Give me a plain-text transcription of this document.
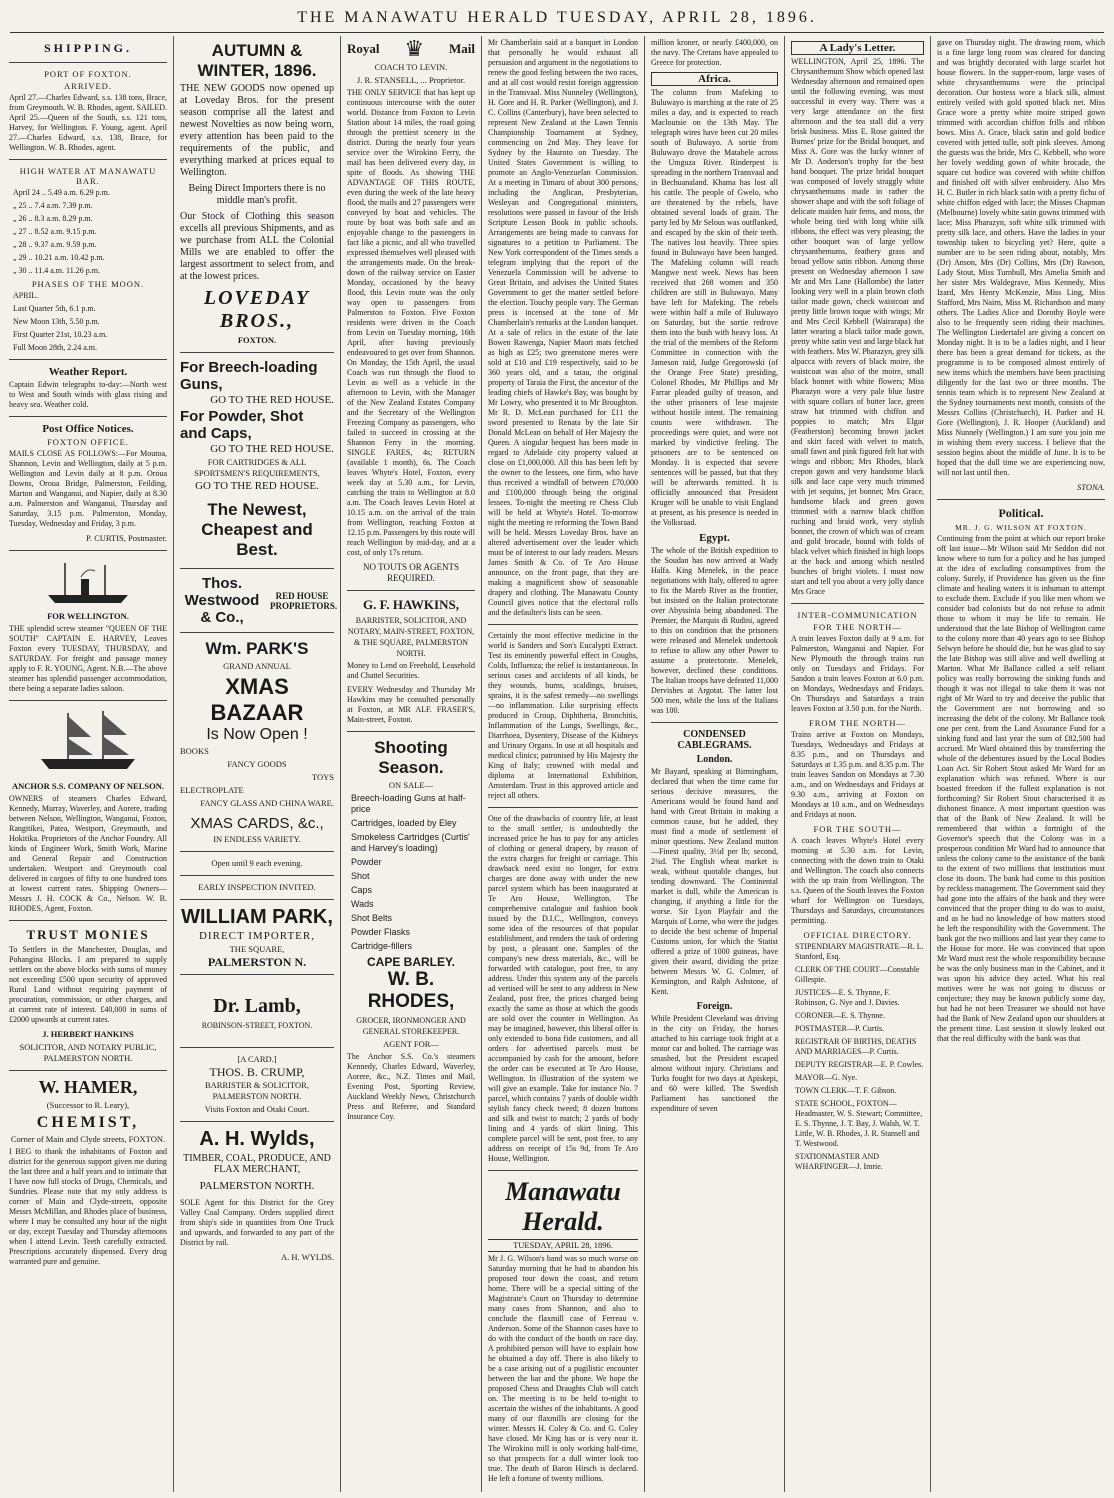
THE MANAWATU HERALD TUESDAY, APRIL 28, 1896.
SHIPPING.
PORT OF FOXTON.
ARRIVED.

April 27.—Charles Edward, s.s. 138 tons, Brace, from Greymouth. W. B. Rhodes, agent. SAILED. April 25.—Queen of the South, s.s. 121 tons, Harvey, for Wellington. F. Young, agent. April 27.—Charles Edward, s.s. 138, Brace, for Wellington. W. B. Rhodes, agent.

HIGH WATER AT MANAWATU BAR.
April 24 .. 5.49 a.m. 6.29 p.m.
„ 25 .. 7.4 a.m. 7.39 p.m.
„ 26 .. 8.3 a.m. 8.29 p.m.
„ 27 .. 8.52 a.m. 9.15 p.m.
„ 28 .. 9.37 a.m. 9.59 p.m.
„ 29 .. 10.21 a.m. 10.42 p.m.
„ 30 .. 11.4 a.m. 11.26 p.m.
PHASES OF THE MOON.
APRIL.
Last Quarter 5th, 6.1 p.m.
New Moon 13th, 5.50 p.m.
First Quarter 21st, 10.23 a.m.
Full Moon 28th, 2.24 a.m.
Weather Report.

Captain Edwin telegraphs to-day:—North west to West and South winds with glass rising and heavy sea. Weather cold.

Post Office Notices.
FOXTON OFFICE.

MAILS CLOSE AS FOLLOWS:—For Moutoa, Shannon, Levin and Wellington, daily at 5 p.m. Wellington and Levin daily at 8 p.m. Oroua Downs, Oroua Bridge, Palmerston, Feilding, Marton and Wanganui, and Napier, daily at 8.30 a.m. Palmerston and Wanganui, Thursday and Saturday, 3.15 p.m. Palmerston, Monday, Tuesday, Wednesday and Friday, 3 p.m.

P. CURTIS, Postmaster.
FOR WELLINGTON.

THE splendid screw steamer "QUEEN OF THE SOUTH" CAPTAIN E. HARVEY, Leaves Foxton every TUESDAY, THURSDAY, and SATURDAY. For freight and passage money apply to F. R. YOUNG, Agent. N.B.—The above steamer has splendid passenger accommodation, there being a separate ladies saloon.

ANCHOR S.S. COMPANY OF NELSON.

OWNERS of steamers Charles Edward, Kennedy, Murray, Waverley, and Aorere, trading between Nelson, Wellington, Wanganui, Foxton, Rangitikei, Patea, Westport, Greymouth, and Hokitika. Proprietors of the Anchor Foundry. All kinds of Engineer Work, Smith Work, Marine and General Repair and Construction undertaken. Westport and Greymouth coal delivered in cargoes of fifty to one hundred tons at lowest current rates. Shipping Owners—Messrs J. H. COCK & Co., Nelson. W. B. RHODES, Agent, Foxton.

TRUST MONIES

To Settlers in the Manchester, Douglas, and Pohangina Blocks. I am prepared to supply settlers on the above blocks with sums of money not exceeding £500 upon security of approved Rural Land without requiring payment of procuration, commission, or other charges, and at current rate of interest. £40,000 in sums of £2000 upwards at current rates.

J. HERBERT HANKINS
SOLICITOR, AND NOTARY PUBLIC, PALMERSTON NORTH.
W. HAMER,
(Successor to R. Leary),
CHEMIST,
Corner of Main and Clyde streets, FOXTON.

I BEG to thank the inhabitants of Foxton and district for the generous support given me during the last three and a half years and to intimate that I have now full stocks of Drugs, Chemicals, and Sundries. Please note that my only address is corner of Main and Clyde-streets, opposite Messrs McMillan, and Rhodes place of business, where I may be consulted any hour of the night or day, except Tuesday and Thursday afternoons when I attend Levin. Teeth carefully extracted. Prescriptions accurately dispensed. Every drug warranted pure and genuine.

AUTUMN & WINTER, 1896.

THE NEW GOODS now opened up at Loveday Bros. for the present season comprise all the latest and newest Novelties as now being worn, every attention has been paid to the requirements of the public, and everything marked at prices equal to Wellington.

Being Direct Importers there is no middle man's profit.

Our Stock of Clothing this season excells all previous Shipments, and as we purchase from ALL the Colonial Mills we are enabled to offer the largest assortment to select from, and at the lowest prices.

LOVEDAY BROS.,
FOXTON.
For Breech-loading Guns,
GO TO THE RED HOUSE.
For Powder, Shot and Caps,
GO TO THE RED HOUSE.
FOR CARTRIDGES & ALL SPORTSMEN'S REQUIREMENTS,
GO TO THE RED HOUSE.
The Newest, Cheapest and Best.
Thos. Westwood & Co.,
RED HOUSE PROPRIETORS.
Wm. PARK'S
GRAND ANNUAL
XMAS BAZAAR
Is Now Open !
BOOKS
FANCY GOODS
TOYS
ELECTROPLATE
FANCY GLASS AND CHINA WARE.
XMAS CARDS, &c.,
IN ENDLESS VARIETY.
Open until 9 each evening.
EARLY INSPECTION INVITED.
WILLIAM PARK,
DIRECT IMPORTER,
THE SQUARE,
PALMERSTON N.
Dr. Lamb,
ROBINSON-STREET, FOXTON.
[A CARD.]
THOS. B. CRUMP,
BARRISTER & SOLICITOR, PALMERSTON NORTH.
Visits Foxton and Otaki Court.
A. H. Wylds,
TIMBER, COAL, PRODUCE, AND FLAX MERCHANT,
PALMERSTON NORTH.

SOLE Agent for this District for the Grey Valley Coal Company. Orders supplied direct from ship's side in quantities from One Truck and upwards, and forwarded to any part of the District by rail.

A. H. WYLDS.
Royal ♛ Mail
COACH TO LEVIN.
J. R. STANSELL, ... Proprietor.

THE ONLY SERVICE that has kept up continuous intercourse with the outer world. Distance from Foxton to Levin Station about 14 miles, the road going through the prettiest scenery in the district. During the nearly four years service over the Wirokino Ferry, the mail has been delivered every day, in spite of floods. As showing THE ADVANTAGE OF THIS ROUTE, even during the week of the late heavy flood, the mails and 27 passengers were conveyed by boat and vehicles. The route by boat was both safe and an enjoyable change to the passengers in fact like a picnic, and all who travelled expressed themselves well pleased with the arrangements made. On the break-down of the railway service on Easter Monday, occasioned by the heavy flood, this Levin route was the only way open to passengers from Palmerston to Foxton. Five Foxton residents were driven in the Coach from Levin on Tuesday morning, 16th April, after having previously endeavoured to get over from Shannon. On Monday, the 15th April, the usual Coach was run through the flood to Levin as well as a vehicle in the afternoon to Levin, with the Manager of the New Zealand Estates Company and the Secretary of the Wellington Freezing Company as passengers, who failed to succeed in crossing at the Shannon Ferry in the morning. SINGLE FARES, 4s; RETURN (available 1 month), 6s. The Coach leaves Whyte's Hotel, Foxton, every week day at 5.30 a.m., for Levin, catching the train to Wellington at 8.0 a.m. The Coach leaves Levin Hotel at 10.15 a.m. on the arrival of the train from Wellington, reaching Foxton at 12.15 p.m. Passengers by this route will reach Wellington by mid-day, and at a cost, of only 17s return.

NO TOUTS OR AGENTS REQUIRED.
G. F. HAWKINS,
BARRISTER, SOLICITOR, AND NOTARY, MAIN-STREET, FOXTON, & THE SQUARE, PALMERSTON NORTH.

Money to Lend on Freehold, Leasehold and Chattel Securities.

EVERY Wednesday and Thursday Mr Hawkins may be consulted personally at Foxton, at MR ALF. FRASER'S, Main-street, Foxton.

Shooting Season.
ON SALE—
Breech-loading Guns at half-price
Cartridges, loaded by Eley
Smokeless Cartridges (Curtis' and Harvey's loading)
Powder
Shot
Caps
Wads
Shot Belts
Powder Flasks
Cartridge-fillers
CAPE BARLEY.
W. B. RHODES,
GROCER, IRONMONGER AND GENERAL STOREKEEPER.
AGENT FOR—

The Anchor S.S. Co.'s steamers Kennedy, Charles Edward, Waverley, Aorere, &c., N.Z. Times and Mail, Evening Post, Sporting Review, Auckland Weekly News, Christchurch Press and Referee, and Standard Insurance Coy.

Mr Chamberlain said at a banquet in London that personally he would exhaust all persuasion and argument in the negotiations to renew the good feeling between the two races, and at all cost would resist foreign aggression in the Transvaal. Miss Nunneley (Wellington), H. Gore and H. R. Parker (Wellington), and J. C. Collins (Canterbury), have been selected to represent New Zealand at the Lawn Tennis Championship Tournament at Sydney, commencing on 2nd May. They leave for Sydney by the Hauroto on Tuesday. The United States Government is willing to promote an Anglo-Venezuelan Commission. At a meeting in Timaru of about 300 persons, including the Anglican, Presbyterian, Wesleyan and Congregational ministers, resolutions were passed in favour of the Irish Scripture Lesson Book in public schools. Arrangements are being made to canvass for signatures to a petition to Parliament. The New York correspondent of the Times sends a telegram implying that the report of the Venezuela Commission will be adverse to Great Britain, and advises the United States Government to get the matter settled before the election. Touchy people vary. The German press is incensed at the tone of Mr Chamberlain's remarks at the London banquet. At a sale of relics in the estate of the late Bowen Rawenga, Napier Maori mats fetched as high as £25; two greenstone meres were sold at £10 and £19 respectively, said to be 360 years old, and a tatau, the original property of Taraia the First, the ancestor of the leading chiefs of Hawke's Bay, was bought by Mr Lowry, who presented it to Mr Broughton. Mr R. D. McLean purchased for £11 the sword presented to Renata by the late Sir Donald McLean on behalf of Her Majesty the Queen. A singular bequest has been made in regard to Adelaide city property valued at close on £1,000,000. All this has been left by the owner to the lessees, one firm, who have thus received a windfall of between £70,000 and £100,000 through being the original lessees. To-night the meeting re Chess Club will be held at Whyte's Hotel. To-morrow night the meeting re reforming the Town Band will be held. Messrs Loveday Bros. have an altered advertisement over the leader which must be of interest to our lady readers. Messrs James Smith & Co. of Te Aro House announce, on the front page, that they are making a magnificent show of seasonable drapery and clothing. The Manawatu County Council gives notice that the electoral rolls and the defaulter's lists can be seen.

Certainly the most effective medicine in the world is Sanders and Son's Eucalypti Extract. Test its eminently powerful effect in Coughs, Colds, Influenza; the relief is instantaneous. In serious cases and accidents of all kinds, be they wounds, burns, scaldings, bruises, sprains, it is the safest remedy—no swellings—no inflammation. Like surprising effects produced in Croup, Diphtheria, Bronchitis, Inflammation of the Lungs, Swellings, &c., Diarrhoea, Dysentery, Disease of the Kidneys and Urinary Organs. In use at all hospitals and medical clinics; patronised by His Majesty the King of Italy; crowned with medal and diploma at International Exhibition, Amsterdam. Trust in this approved article and reject all others.

One of the drawbacks of country life, at least to the small settler, is undoubtedly the increased price he has to pay for any articles of clothing or general drapery, by reason of the extra charges for freight or carriage. This drawback need exist no longer, for extra charges are done away with under the new parcel system which has been inaugurated at Te Aro House, Wellington. The comprehensive catalogue and fashion book issued by the D.I.C., Wellington, conveys some idea of the resources of that popular establishment, and renders the task of ordering by post, a pleasant one. Samples of the company's new dress materials, &c., will be forwarded with catalogue, post free, to any address. Under this system any of the parcels ad vertised will be sent to any address in New Zealand, post free, the prices charged being exactly the same as those at which the goods are sold over the counter in Wellington. As may be imagined, however, this liberal offer is only extended to bona fide customers, and all orders for advertised parcels must be accompanied by cash for the amount, before the order can be executed at Te Aro House, Wellington. In illustration of the system we will give an example. Take for instance No. 7 parcel, which contains 7 yards of double width stylish fancy check tweed; 8 dozen buttons and silk and twist to match; 2 yards of body lining and 4 yards of skirt lining. This complete parcel will be sent, post free, to any address on receipt of 15s 9d, from Te Aro House, Wellington.

Manawatu Herald.
TUESDAY, APRIL 28, 1896.

Mr J. G. Wilson's hand was so much worse on Saturday morning that he had to abandon his proposed tour down the coast, and return home. There will be a special sitting of the Magistrate's Court on Thursday to determine many cases from Shannon, and also to conclude the flaxmill case of Ferreau v. Anderson. Some of the Shannon cases have to do with the conduct of the booth on race day. A prohibited person will have to explain how he obtained a day off. There is also likely to be a case arising out of a pugilistic encounter between the bar and the phone. We hope the proposed Chess and Draughts Club will catch on. The meeting is to be held to-night to ascertain the wishes of the inhabitants. A good many of our flaxmills are closing for the winter. Messrs H. Coley & Co. and G. Coley have closed. Mr King has or is very near it. The Wirokino mill is only working half-time, so that prospects for a dull winter look too true. The death of Baron Hirsch is declared. He left a fortune of twenty millions.

million kroner, or nearly £400,000, on the navy. The Cretans have appealed to Greece for protection.

Africa.

The column from Mafeking to Buluwayo is marching at the rate of 25 miles a day, and is expected to reach Macloutsie on the 13th May. The telegraph wires have been cut 20 miles south of Buluwayo. A sortie from Buluwayo drove the Matabele across the Umguza River. Rinderpest is spreading in the northern Transvaal and in Bechuanaland. Khama has lost all his cattle. The people of Gwelo, who are threatened by the rebels, have obtained several loads of grain. The party led by Mr Selous was outflanked, and escaped by the skin of their teeth. The natives lost heavily. Three spies found in Buluwayo have been hanged. The Mafeking column will reach Mangwe next week. News has been received that 268 women and 350 children are still in Buluwayo. Many have left for Mafeking. The rebels were within half a mile of Buluwayo on Saturday, but the sortie redrove them into the bush with heavy loss. At the trial of the members of the Reform Committee in connection with the Jameson raid, Judge Gregorowski (of the Orange Free State) presiding, Colonel Rhodes, Mr Phillips and Mr Farrar pleaded guilty of treason, and the other prisoners of lese majeste without hostile intent. The remaining counts were withdrawn. The proceedings were quiet, and were not marked by vindictive feeling. The prisoners are to be sentenced on Monday. It is expected that severe sentences will be passed, but that they will be afterwards remitted. It is officially announced that President Kruger will be unable to visit England at present, as his presence is needed in the Volksraad.

Egypt.

The whole of the British expedition to the Soudan has now arrived at Wady Halfa. King Menelek, in the peace negotiations with Italy, offered to agree to fix the Mareb River as the frontier, but insisted on the Italian protectorate over Abyssinia being abandoned. The Premier, the Marquis di Rudini, agreed to this on condition that the prisoners were released and Menelek undertook to refuse to allow any other Power to assume a protectorate. Menelek, however, declined these conditions. The Italian troops have defeated 11,000 Dervishes at Argotat. The latter lost 500 men, while the loss of the Italians was 100.

CONDENSED CABLEGRAMS.
London.

Mr Bayard, speaking at Birmingham, declared that when the time came for serious decisive measures, the Americans would be found hand and hand with Great Britain in making a common cause, but he added, they must find a mode of settlement of minor questions. New Zealand mutton—Finest quality, 3½d per lb; second, 2¾d. The English wheat market is weak, without quotable changes, but tending downward. The Continental market is dull, while the American is changing, if anything a little for the worse. Sir Lyon Playfair and the Marquis of Lorne, who were the judges to decide the best scheme of Imperial Customs union, for which the Statist offered a prize of 1000 guineas, have given their award, dividing the prize between Messrs W. G. Colmer, of Kensington, and Ralph Ashstone, of Kent.

Foreign.

While President Cleveland was driving in the city on Friday, the horses attached to his carriage took fright at a motor car and bolted. The carriage was smashed, but the President escaped almost without injury. Christians and Turks fought for two days at Apiskepi, and 60 were killed. The Swedish Parliament has sanctioned the expenditure of seven

A Lady's Letter.

WELLINGTON, April 25, 1896. The Chrysanthemum Show which opened last Wednesday afternoon and remained open until the following evening, was most successful in every way. There was a very large attendance on the first afternoon and the tea stall did a very brisk business. Miss E. Rose gained the Burnes' prize for the Bridal bouquet, and Miss A. Gore was the lucky winner of Mr D. Anderson's trophy for the best hand bouquet. The prize bridal bouquet was composed of lovely straggly white chrysanthemums made in rather the shower shape and with the soft foliage of delicate maiden hair ferns, and moss, the whole being tied with long white silk ribbons, the effect was very pleasing; the other bouquet was of large yellow chrysanthemums, feathery grass and broad yellow satin ribbon. Among those present on Wednesday afternoon I saw Mr and Mrs Lane (Hallombe) the latter looking very well in a plain brown cloth tailor made gown, check waistcoat and pretty little brown toque with wings; Mr and Mrs Cecil Kebbell (Wairarapa) the latter wearing a black tailor made gown, pretty white satin vest and large black hat with feathers. Mrs W. Pharazyn, grey silk alpacca with revers of black moire, the waistcoat was also of the moire, small black bonnet with white flowers; Miss Pharazyn wore a very pale blue lustre with square collars of butter lace, green straw hat trimmed with chiffon and poppies to match; Mrs Elgar (Featherston) becoming brown jacket and skirt faced with velvet to match, small fawn and pink figured felt hat with wings and ribbon; Mrs Rhodes, black crepon gown and very handsome black silk and lace cape very much trimmed with jet sequins, jet bonnet; Mrs Grace, handsome black and green gown trimmed with a narrow black chiffon ruching and braid work, very stylish bonnet, the crown of which was of cream and gold brocade, bound with folds of black velvet which finished in high loops at the back and among which nestled bunches of bright violets. I must now start and tell you about a very jolly dance Mrs Grace

INTER-COMMUNICATION
FOR THE NORTH—

A train leaves Foxton daily at 9 a.m. for Palmerston, Wanganui and Napier. For New Plymouth the through trains run only on Tuesdays and Fridays. For Sandon a train leaves Foxton at 6.0 p.m. on Mondays, Wednesdays and Fridays. On Thursdays and Saturdays a train leaves Foxton at 3.50 p.m. for the North.

FROM THE NORTH—

Trains arrive at Foxton on Mondays, Tuesdays, Wednesdays and Fridays at 8.35 p.m., and on Thursdays and Saturdays at 1.35 p.m. and 8.35 p.m. The train leaves Sandon on Mondays at 7.30 a.m., and on Wednesdays and Fridays at 9.30 a.m., arriving at Foxton on Mondays at 10 a.m., and on Wednesdays and Fridays at noon.

FOR THE SOUTH—

A coach leaves Whyte's Hotel every morning at 5.30 a.m. for Levin, connecting with the down train to Otaki and Wellington. The coach also connects with the up train from Wellington. The s.s. Queen of the South leaves the Foxton wharf for Wellington on Tuesdays, Thursdays and Saturdays, circumstances permitting.

OFFICIAL DIRECTORY.
STIPENDIARY MAGISTRATE—R. L. Stanford, Esq.
CLERK OF THE COURT—Constable Gillespie.
JUSTICES—E. S. Thynne, F. Robinson, G. Nye and J. Davies.
CORONER—E. S. Thynne.
POSTMASTER—P. Curtis.
REGISTRAR OF BIRTHS, DEATHS AND MARRIAGES—P. Curtis.
DEPUTY REGISTRAR—E. P. Cowles.
MAYOR—G. Nye.
TOWN CLERK—T. F. Gibson.
STATE SCHOOL, FOXTON—Headmaster, W. S. Stewart; Committee, E. S. Thynne, J. T. Bay, J. Walsh, W. T. Little, W. B. Rhodes, J. R. Stansell and T. Westwood.
STATIONMASTER AND WHARFINGER—J. Imrie.

gave on Thursday night. The drawing room, which is a fine large long room was cleared for dancing and was brightly decorated with large scarlet hot house flowers. In the supper-room, large vases of white chrysanthemums were the principal decoration. Our hostess wore a black silk, almost entirely veiled with gold spotted black net. Miss Grace wore a pretty white moire striped gown trimmed with accordian chiffon frills and ribbon bows. Miss A. Grace, black satin and gold bodice covered with jetted tulle, soft pink sleeves. Among the guests was the bride, Mrs C. Kebbell, who wore her lovely wedding gown of white brocade, the square cut bodice was covered with white chiffon and finished off with silver embroidery. Also Mrs H. C. Butler in rich black satin with a pretty fichu of white chiffon edged with lace; the Misses Chapman (Melbourne) lovely white satin gowns trimmed with lace; Miss Pharazyn, soft white silk trimmed with pretty silk lace, and others. Have the ladies in your township taken to bicycling yet? Here, quite a number are to be seen riding about, notably, Mrs (Dr) Anson, Mrs (Dr) Collins, Mrs (Dr) Rawson, Lady Stout, Miss Turnbull, Mrs Amelia Smith and her sister Mrs Waldegrave, Miss Kennedy, Miss Izard, Mrs Henry McKenzie, Miss Ling, Miss Stafford, Mrs Nairn, Miss M. Richardson and many others. The Ladies Alice and Dorothy Boyle were also to be frequently seen riding their machines. The Wellington Liedertafel are giving a concert on Monday night. It is to be a ladies night, and I hear there has been a great demand for tickets, as the programme is to be composed almost entirely of new items which the members have been practising diligently for the last two or three months. The tennis team which is to represent New Zealand at the Sydney tournaments next month, consists of the Messrs Collins (Christchurch), H. Parker and H. Gore (Wellington), J. R. Hooper (Auckland) and Miss Nunnely (Wellington.) I am sure you join me in wishing them every success. I believe that the session begins about the middle of June. It is to be hoped that the dull time we are experiencing now, will not last until then.

STONA.
Political.
MR. J. G. WILSON AT FOXTON.

Continuing from the point at which our report broke off last issue—Mr Wilson said Mr Seddon did not know where to turn for a policy and he has jumped at the idea of excluding consumptives from the colony. Surely, if Providence has given us the fine climate and healing waters it is inhuman to attempt to exclude them. Exclude if you like men whom we consider bad colonists but do not refuse to admit those to whom it may be life to remain. He understood that the late Bishop of Wellington came to the colony more than 40 years ago to see Bishop Selwyn before he should die, but he was glad to say the late Bishop was still alive and well dwelling at Marton. What Mr Ballance called a self reliant policy was really borrowing the sinking funds and though it was not illegal to take them it was not right of Mr Ward to try and deceive the public that the Government are not borrowing and so increasing the debt of the colony. Mr Ballance took one per cent. from the Land Assurance Fund for a sinking fund and last year the sum of £82,500 had accrued. Mr Ward obtained this by transferring the whole of the debentures issued by the Local Bodies Loan Act. Sir Robert Stout asked Mr Ward for an explanation which was refused. Where is our boasted freedom if the fullest explanation is not forthcoming? Sir Robert Stout characterised it as dishonest finance. A most important question was that of the Bank of New Zealand. It will be remembered that within a fortnight of the Governor's speech that the Colony was in a prosperous condition Mr Ward had to announce that unless the colony came to the assistance of the bank to the extent of two millions that institution must close its doors. The bank had come to this position by reckless management. The Government said they had gone into the affairs of the bank and they were convinced that the proper thing to do was to assist, and as he had no knowledge of how matters stood he left the responsibility with the Government. The bank got the two millions and last year they came to the House for more. He was convinced that upon Mr Ward must rest the whole responsibility because he was the only business man in the Cabinet, and it was upon his advice they acted. What his real motives were he was not going to discuss or conjecture; they may be known publicly some day, but had he not been Treasurer we should not have had the Bank of New Zealand upon our shoulders at the present time. Last session it slowly leaked out that the real difficulty with the bank was that
